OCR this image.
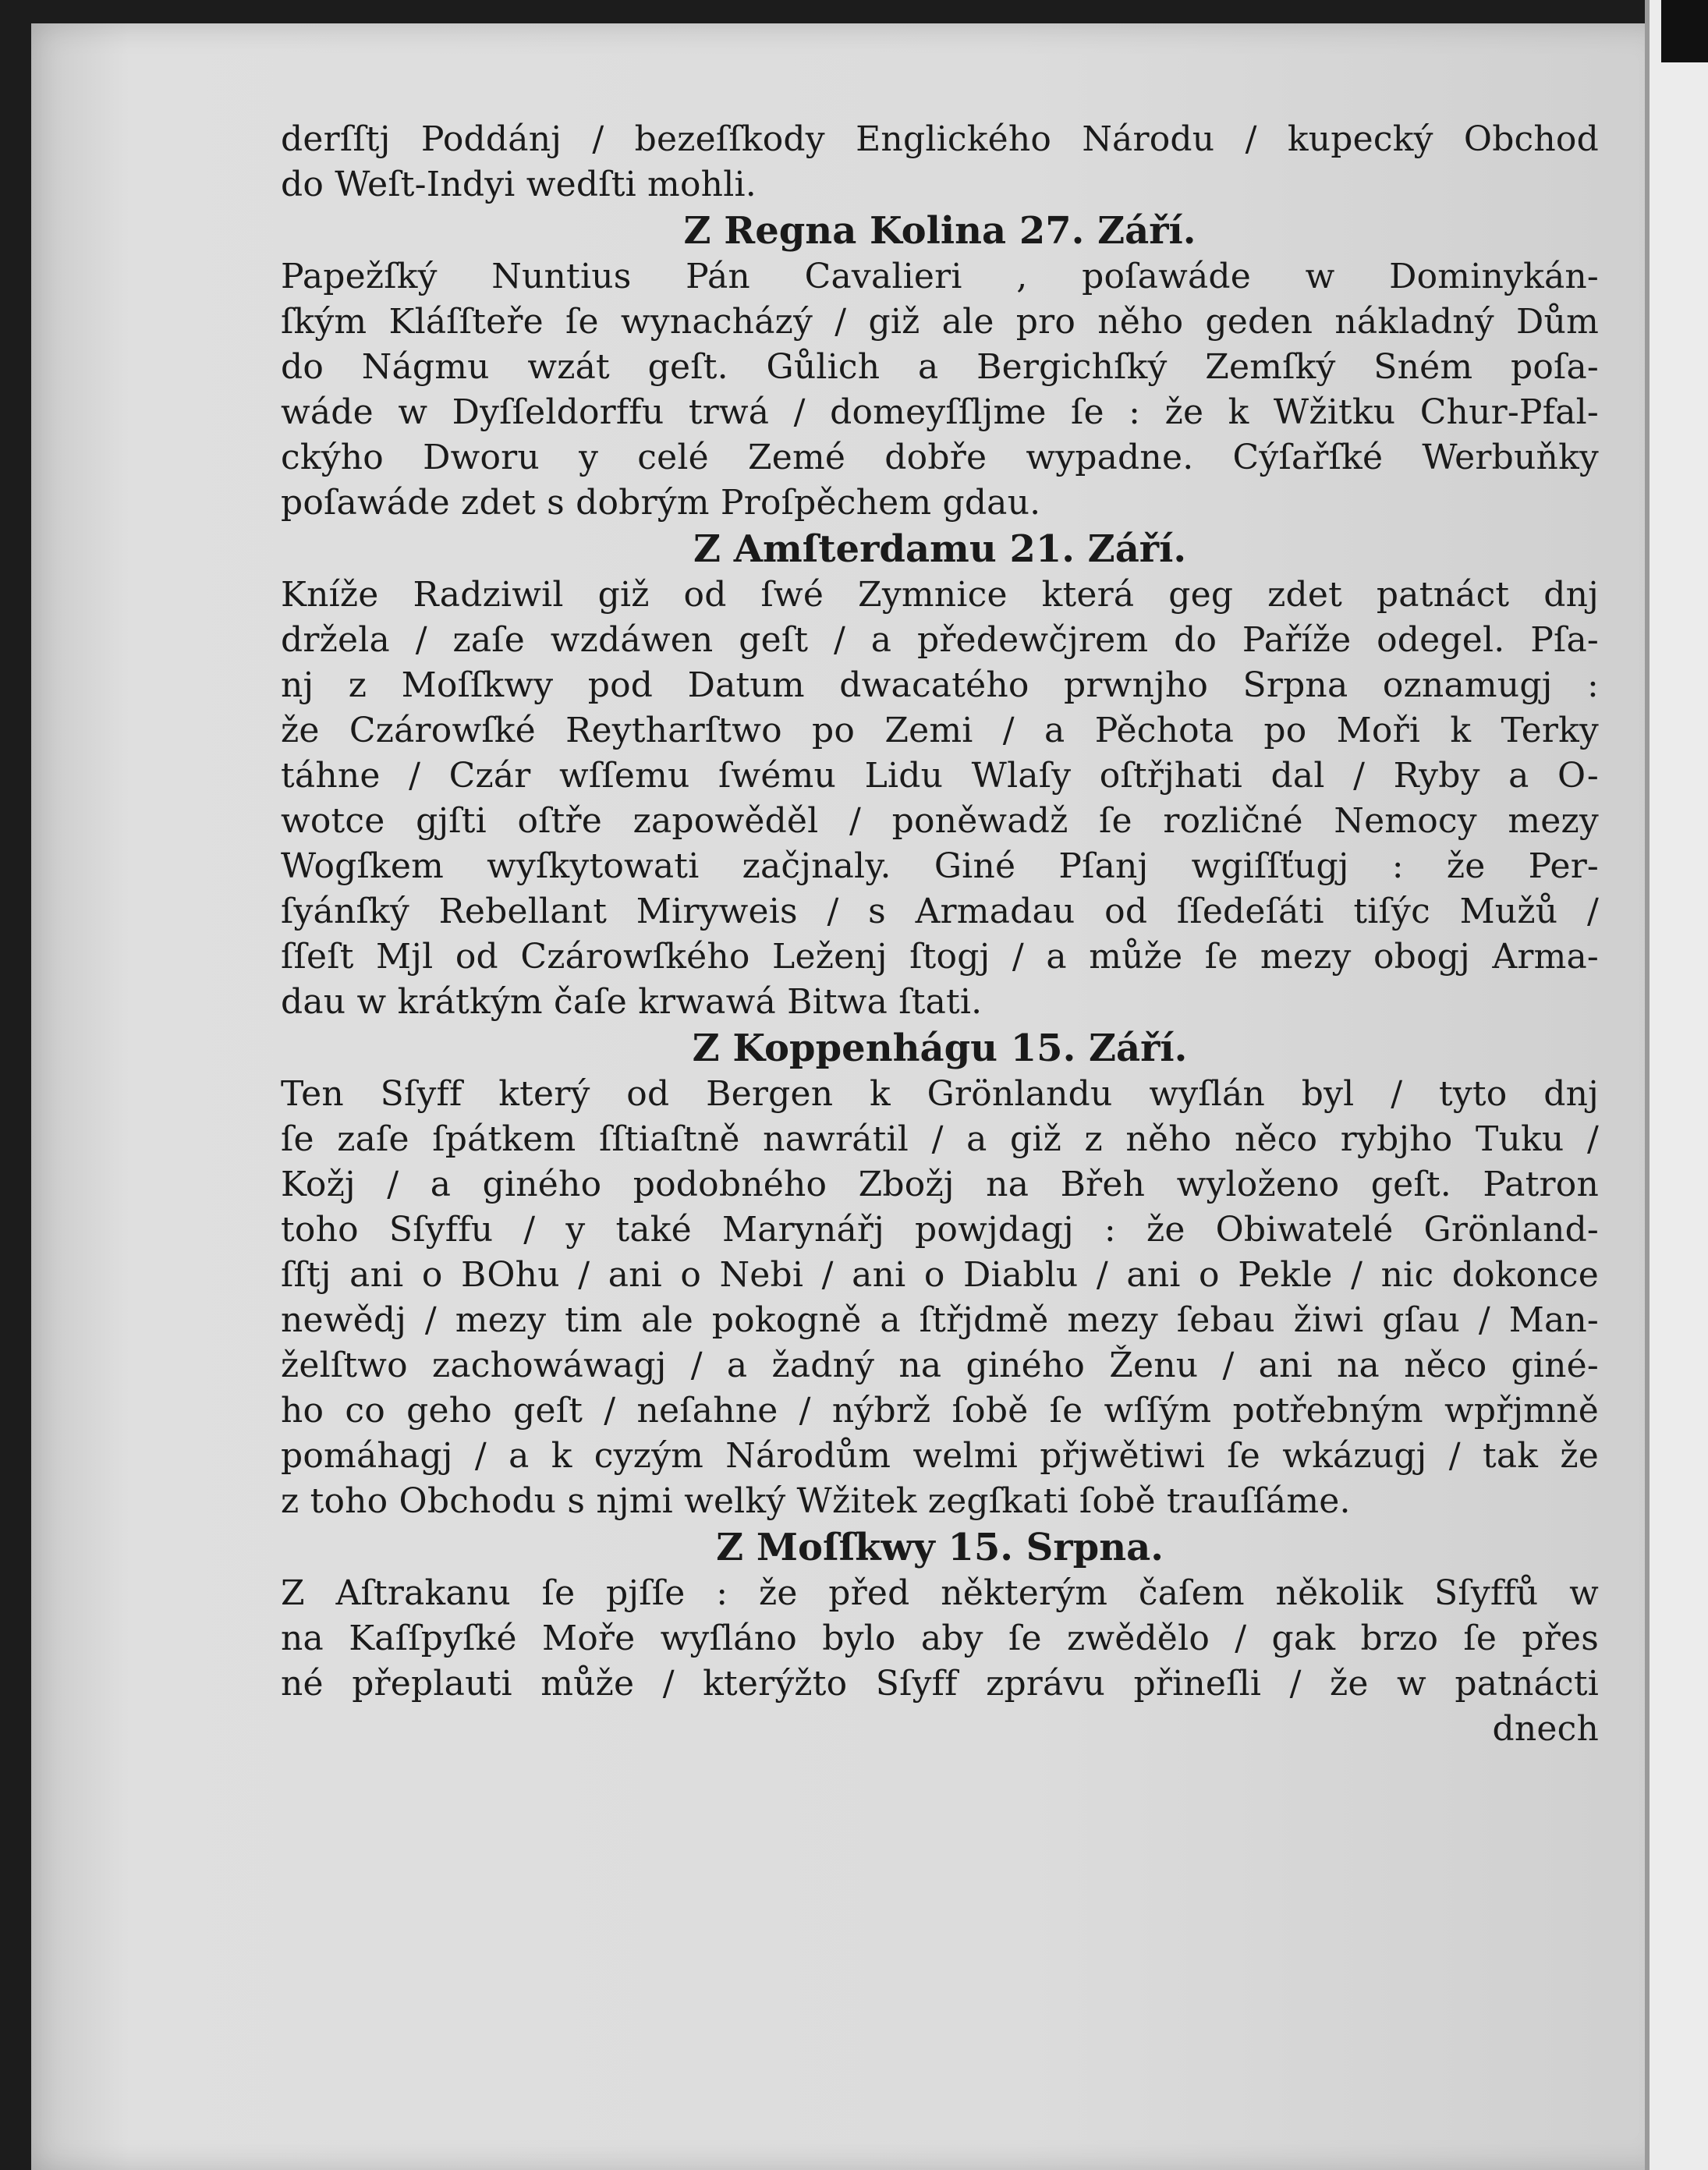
derſſtj Poddánj / bezeſſkody Englického Národu / kupecký Obchod
do Weſt-Indyi wedſti mohli.
Z Regna Kolina 27. Září.
Papežſký Nuntius Pán Cavalieri , poſawáde w Dominykán-
ſkým Kláſſteře ſe wynacházý / giž ale pro něho geden nákladný Dům
do Nágmu wzát geſt. Gůlich a Bergichſký Zemſký Sném poſa-
wáde w Dyſſeldorffu trwá / domeyſſljme ſe : že k Wžitku Chur-Pfal-
ckýho Dworu y celé Zemé dobře wypadne. Cýſařſké Werbuňky
poſawáde zdet s dobrým Proſpěchem gdau.
Z Amſterdamu 21. Září.
Kníže Radziwil giž od ſwé Zymnice která geg zdet patnáct dnj
držela / zaſe wzdáwen geſt / a předewčjrem do Paříže odegel. Pſa-
nj z Moſſkwy pod Datum dwacatého prwnjho Srpna oznamugj :
že Czárowſké Reytharſtwo po Zemi / a Pěchota po Moři k Terky
táhne / Czár wſſemu ſwému Lidu Wlaſy oſtřjhati dal / Ryby a O-
wotce gjſti oſtře zapowěděl / poněwadž ſe rozličné Nemocy mezy
Wogſkem wyſkytowati začjnaly. Giné Pſanj wgiſſťugj : že Per-
ſyánſký Rebellant Miryweis / s Armadau od ſſedeſáti tiſýc Mužů /
ſſeſt Mjl od Czárowſkého Leženj ſtogj / a může ſe mezy obogj Arma-
dau w krátkým čaſe krwawá Bitwa ſtati.
Z Koppenhágu 15. Září.
Ten Sſyff který od Bergen k Grönlandu wyſlán byl / tyto dnj
ſe zaſe ſpátkem ſſtiaſtně nawrátil / a giž z něho něco rybjho Tuku /
Kožj / a giného podobného Zbožj na Břeh wyloženo geſt. Patron
toho Sſyffu / y také Marynářj powjdagj : že Obiwatelé Grönland-
ſſtj ani o BOhu / ani o Nebi / ani o Diablu / ani o Pekle / nic dokonce
newědj / mezy tim ale pokogně a ſtřjdmě mezy ſebau žiwi gſau / Man-
želſtwo zachowáwagj / a žadný na giného Ženu / ani na něco giné-
ho co geho geſt / neſahne / nýbrž ſobě ſe wſſým potřebným wpřjmně
pomáhagj / a k cyzým Národům welmi přjwětiwi ſe wkázugj / tak že
z toho Obchodu s njmi welký Wžitek zegſkati ſobě trauſſáme.
Z Moſſkwy 15. Srpna.
Z Aſtrakanu ſe pjſſe : že před některým čaſem několik Sſyffů w
na Kaſſpyſké Moře wyſláno bylo aby ſe zwědělo / gak brzo ſe přes
né přeplauti může / kterýžto Sſyff zprávu přineſli / že w patnácti
dnech
